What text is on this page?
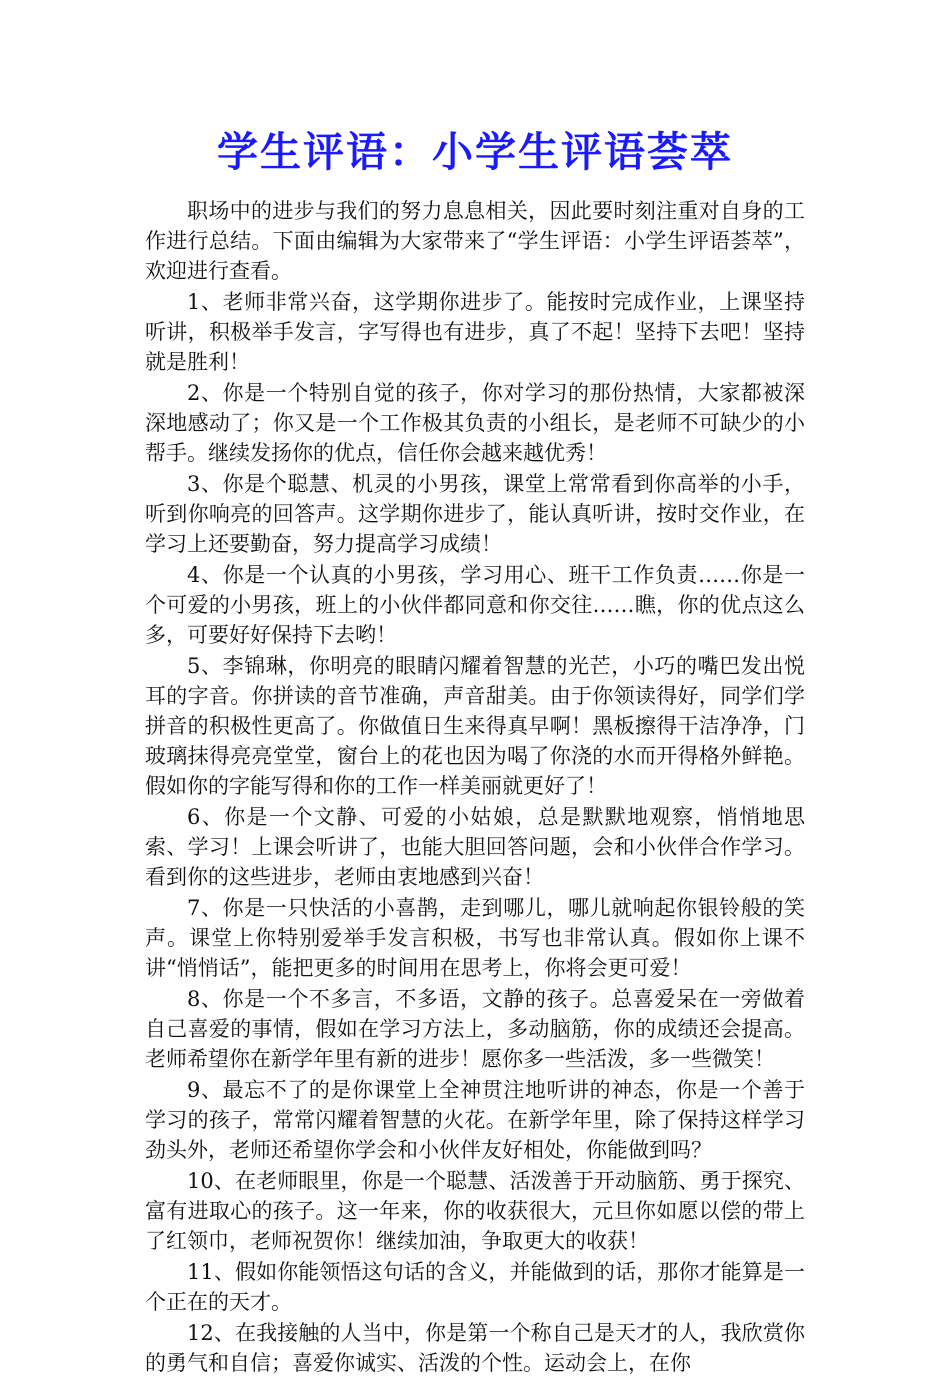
学生评语：小学生评语荟萃

职场中的进步与我们的努力息息相关，因此要时刻注重对自身的工作进行总结。下面由编辑为大家带来了“学生评语：小学生评语荟萃”，欢迎进行查看。

1、老师非常兴奋，这学期你进步了。能按时完成作业，上课坚持听讲，积极举手发言，字写得也有进步，真了不起！坚持下去吧！坚持就是胜利！

2、你是一个特别自觉的孩子，你对学习的那份热情，大家都被深深地感动了；你又是一个工作极其负责的小组长，是老师不可缺少的小帮手。继续发扬你的优点，信任你会越来越优秀！

3、你是个聪慧、机灵的小男孩，课堂上常常看到你高举的小手，听到你响亮的回答声。这学期你进步了，能认真听讲，按时交作业，在学习上还要勤奋，努力提高学习成绩！

4、你是一个认真的小男孩，学习用心、班干工作负责……你是一个可爱的小男孩，班上的小伙伴都同意和你交往……瞧，你的优点这么多，可要好好保持下去哟！

5、李锦琳，你明亮的眼睛闪耀着智慧的光芒，小巧的嘴巴发出悦耳的字音。你拼读的音节准确，声音甜美。由于你领读得好，同学们学拼音的积极性更高了。你做值日生来得真早啊！黑板擦得干洁净净，门玻璃抹得亮亮堂堂，窗台上的花也因为喝了你浇的水而开得格外鲜艳。假如你的字能写得和你的工作一样美丽就更好了！

6、你是一个文静、可爱的小姑娘，总是默默地观察，悄悄地思索、学习！上课会听讲了，也能大胆回答问题，会和小伙伴合作学习。看到你的这些进步，老师由衷地感到兴奋！

7、你是一只快活的小喜鹊，走到哪儿，哪儿就响起你银铃般的笑声。课堂上你特别爱举手发言积极，书写也非常认真。假如你上课不讲“悄悄话”，能把更多的时间用在思考上，你将会更可爱！

8、你是一个不多言，不多语，文静的孩子。总喜爱呆在一旁做着自己喜爱的事情，假如在学习方法上，多动脑筋，你的成绩还会提高。老师希望你在新学年里有新的进步！愿你多一些活泼，多一些微笑！

9、最忘不了的是你课堂上全神贯注地听讲的神态，你是一个善于学习的孩子，常常闪耀着智慧的火花。在新学年里，除了保持这样学习劲头外，老师还希望你学会和小伙伴友好相处，你能做到吗？

10、在老师眼里，你是一个聪慧、活泼善于开动脑筋、勇于探究、富有进取心的孩子。这一年来，你的收获很大，元旦你如愿以偿的带上了红领巾，老师祝贺你！继续加油，争取更大的收获！

11、假如你能领悟这句话的含义，并能做到的话，那你才能算是一个正在的天才。

12、在我接触的人当中，你是第一个称自己是天才的人，我欣赏你的勇气和自信；喜爱你诚实、活泼的个性。运动会上，在你
